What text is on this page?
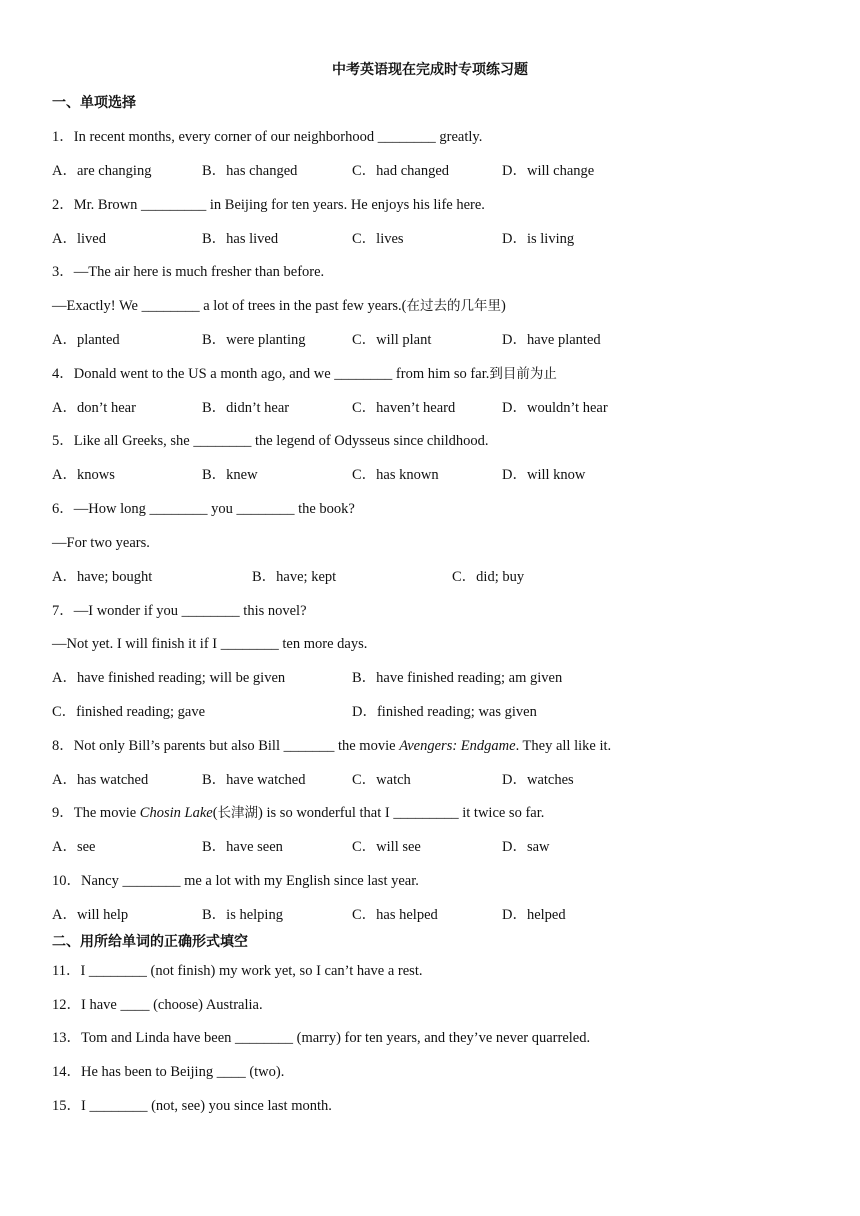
中考英语现在完成时专项练习题
一、单项选择
1．In recent months, every corner of our neighborhood ________ greatly.
A．are changing	B．has changed	C．had changed	D．will change
2．Mr. Brown _________ in Beijing for ten years. He enjoys his life here.
A．lived	B．has lived	C．lives	D．is living
3．—The air here is much fresher than before.
—Exactly! We ________ a lot of trees in the past few years.(在过去的几年里)
A．planted	B．were planting	C．will plant	D．have planted
4．Donald went to the US a month ago, and we ________ from him so far.到目前为止
A．don’t hear	B．didn’t hear	C．haven’t heard	D．wouldn’t hear
5．Like all Greeks, she ________ the legend of Odysseus since childhood.
A．knows	B．knew	C．has known	D．will know
6．—How long ________ you ________ the book?
—For two years.
A．have; bought	B．have; kept	C．did; buy
7．—I wonder if you ________ this novel?
—Not yet. I will finish it if I ________ ten more days.
A．have finished reading; will be given	B．have finished reading; am given
C．finished reading; gave	D．finished reading; was given
8．Not only Bill’s parents but also Bill _______ the movie Avengers: Endgame. They all like it.
A．has watched	B．have watched	C．watch	D．watches
9．The movie Chosin Lake(长津湖) is so wonderful that I _________ it twice so far.
A．see	B．have seen	C．will see	D．saw
10．Nancy ________ me a lot with my English since last year.
A．will help	B．is helping	C．has helped	D．helped
二、用所给单词的正确形式填空
11．I ________ (not finish) my work yet, so I can’t have a rest.
12．I have ____ (choose) Australia.
13．Tom and Linda have been ________ (marry) for ten years, and they’ve never quarreled.
14．He has been to Beijing ____ (two).
15．I ________ (not, see) you since last month.
